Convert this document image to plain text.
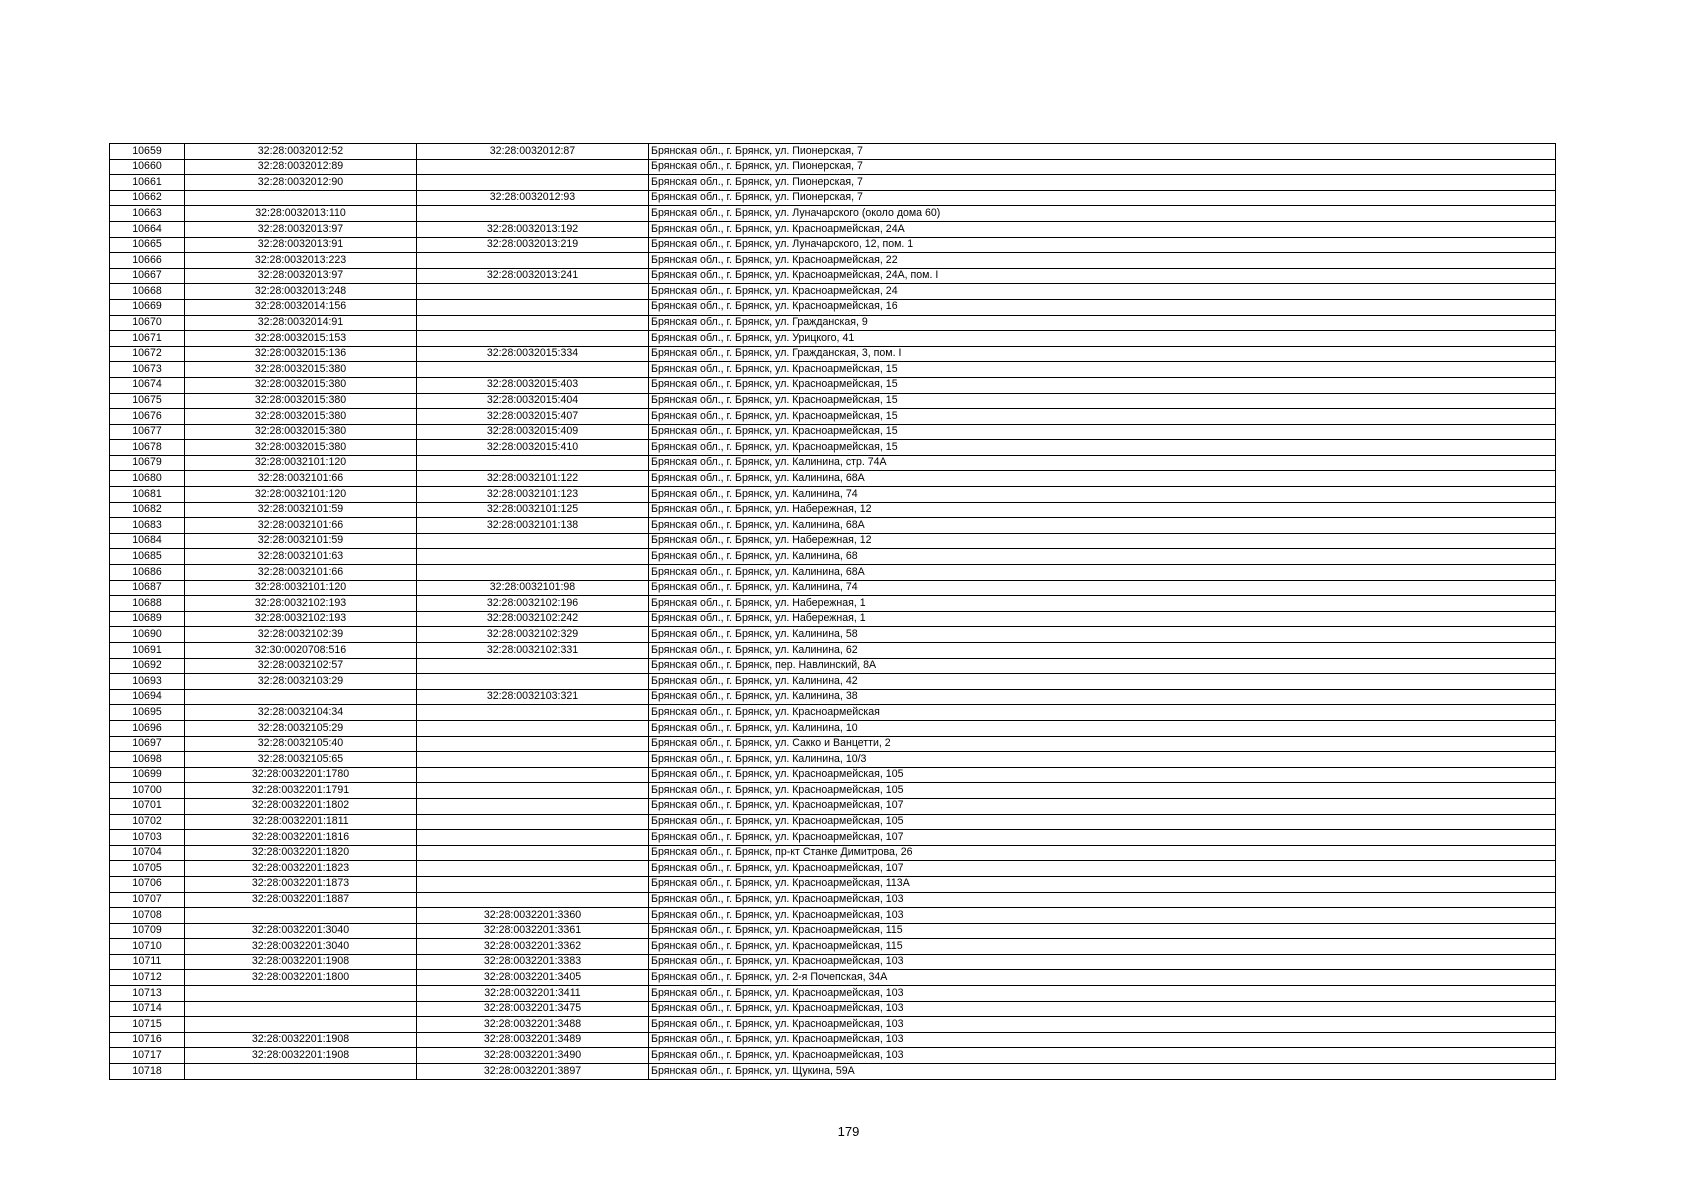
10659	32:28:0032012:52	32:28:0032012:87	Брянская обл., г. Брянск, ул. Пионерская, 7
10660	32:28:0032012:89		Брянская обл., г. Брянск, ул. Пионерская, 7
10661	32:28:0032012:90		Брянская обл., г. Брянск, ул. Пионерская, 7
10662		32:28:0032012:93	Брянская обл., г. Брянск, ул. Пионерская, 7
10663	32:28:0032013:110		Брянская обл., г. Брянск, ул. Луначарского (около дома 60)
10664	32:28:0032013:97	32:28:0032013:192	Брянская обл., г. Брянск, ул. Красноармейская, 24А
10665	32:28:0032013:91	32:28:0032013:219	Брянская обл., г. Брянск, ул. Луначарского, 12, пом. 1
10666	32:28:0032013:223		Брянская обл., г. Брянск, ул. Красноармейская, 22
10667	32:28:0032013:97	32:28:0032013:241	Брянская обл., г. Брянск, ул. Красноармейская, 24А, пом. I
10668	32:28:0032013:248		Брянская обл., г. Брянск, ул. Красноармейская, 24
10669	32:28:0032014:156		Брянская обл., г. Брянск, ул. Красноармейская, 16
10670	32:28:0032014:91		Брянская обл., г. Брянск, ул. Гражданская, 9
10671	32:28:0032015:153		Брянская обл., г. Брянск, ул. Урицкого, 41
10672	32:28:0032015:136	32:28:0032015:334	Брянская обл., г. Брянск, ул. Гражданская, 3, пом. I
10673	32:28:0032015:380		Брянская обл., г. Брянск, ул. Красноармейская, 15
10674	32:28:0032015:380	32:28:0032015:403	Брянская обл., г. Брянск, ул. Красноармейская, 15
10675	32:28:0032015:380	32:28:0032015:404	Брянская обл., г. Брянск, ул. Красноармейская, 15
10676	32:28:0032015:380	32:28:0032015:407	Брянская обл., г. Брянск, ул. Красноармейская, 15
10677	32:28:0032015:380	32:28:0032015:409	Брянская обл., г. Брянск, ул. Красноармейская, 15
10678	32:28:0032015:380	32:28:0032015:410	Брянская обл., г. Брянск, ул. Красноармейская, 15
10679	32:28:0032101:120		Брянская обл., г. Брянск, ул. Калинина, стр. 74А
10680	32:28:0032101:66	32:28:0032101:122	Брянская обл., г. Брянск, ул. Калинина, 68А
10681	32:28:0032101:120	32:28:0032101:123	Брянская обл., г. Брянск, ул. Калинина, 74
10682	32:28:0032101:59	32:28:0032101:125	Брянская обл., г. Брянск, ул. Набережная, 12
10683	32:28:0032101:66	32:28:0032101:138	Брянская обл., г. Брянск, ул. Калинина, 68А
10684	32:28:0032101:59		Брянская обл., г. Брянск, ул. Набережная, 12
10685	32:28:0032101:63		Брянская обл., г. Брянск, ул. Калинина, 68
10686	32:28:0032101:66		Брянская обл., г. Брянск, ул. Калинина, 68А
10687	32:28:0032101:120	32:28:0032101:98	Брянская обл., г. Брянск, ул. Калинина, 74
10688	32:28:0032102:193	32:28:0032102:196	Брянская обл., г. Брянск, ул. Набережная, 1
10689	32:28:0032102:193	32:28:0032102:242	Брянская обл., г. Брянск, ул. Набережная, 1
10690	32:28:0032102:39	32:28:0032102:329	Брянская обл., г. Брянск, ул. Калинина, 58
10691	32:30:0020708:516	32:28:0032102:331	Брянская обл., г. Брянск, ул. Калинина, 62
10692	32:28:0032102:57		Брянская обл., г. Брянск, пер. Навлинский, 8А
10693	32:28:0032103:29		Брянская обл., г. Брянск, ул. Калинина, 42
10694		32:28:0032103:321	Брянская обл., г. Брянск, ул. Калинина, 38
10695	32:28:0032104:34		Брянская обл., г. Брянск, ул. Красноармейская
10696	32:28:0032105:29		Брянская обл., г. Брянск, ул. Калинина, 10
10697	32:28:0032105:40		Брянская обл., г. Брянск, ул. Сакко и Ванцетти, 2
10698	32:28:0032105:65		Брянская обл., г. Брянск, ул. Калинина, 10/3
10699	32:28:0032201:1780		Брянская обл., г. Брянск, ул. Красноармейская, 105
10700	32:28:0032201:1791		Брянская обл., г. Брянск, ул. Красноармейская, 105
10701	32:28:0032201:1802		Брянская обл., г. Брянск, ул. Красноармейская, 107
10702	32:28:0032201:1811		Брянская обл., г. Брянск, ул. Красноармейская, 105
10703	32:28:0032201:1816		Брянская обл., г. Брянск, ул. Красноармейская, 107
10704	32:28:0032201:1820		Брянская обл., г. Брянск, пр-кт Станке Димитрова, 26
10705	32:28:0032201:1823		Брянская обл., г. Брянск, ул. Красноармейская, 107
10706	32:28:0032201:1873		Брянская обл., г. Брянск, ул. Красноармейская, 113А
10707	32:28:0032201:1887		Брянская обл., г. Брянск, ул. Красноармейская, 103
10708		32:28:0032201:3360	Брянская обл., г. Брянск, ул. Красноармейская, 103
10709	32:28:0032201:3040	32:28:0032201:3361	Брянская обл., г. Брянск, ул. Красноармейская, 115
10710	32:28:0032201:3040	32:28:0032201:3362	Брянская обл., г. Брянск, ул. Красноармейская, 115
10711	32:28:0032201:1908	32:28:0032201:3383	Брянская обл., г. Брянск, ул. Красноармейская, 103
10712	32:28:0032201:1800	32:28:0032201:3405	Брянская обл., г. Брянск, ул. 2-я Почепская, 34А
10713		32:28:0032201:3411	Брянская обл., г. Брянск, ул. Красноармейская, 103
10714		32:28:0032201:3475	Брянская обл., г. Брянск, ул. Красноармейская, 103
10715		32:28:0032201:3488	Брянская обл., г. Брянск, ул. Красноармейская, 103
10716	32:28:0032201:1908	32:28:0032201:3489	Брянская обл., г. Брянск, ул. Красноармейская, 103
10717	32:28:0032201:1908	32:28:0032201:3490	Брянская обл., г. Брянск, ул. Красноармейская, 103
10718		32:28:0032201:3897	Брянская обл., г. Брянск, ул. Щукина, 59А
179
